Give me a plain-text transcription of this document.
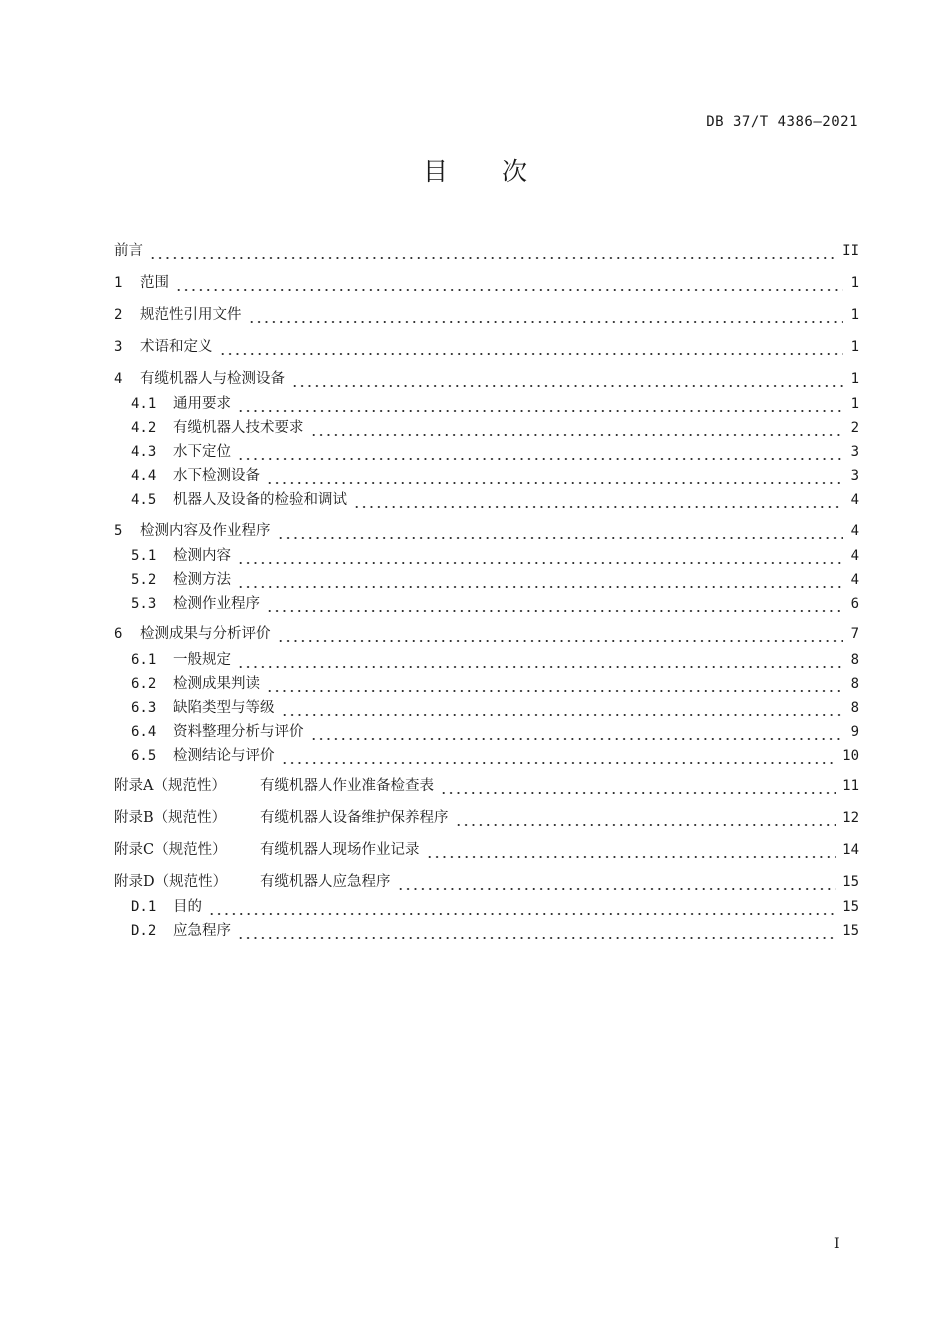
DB 37/T 4386—2021
目 次
前言	II
1	范围	1
2	规范性引用文件	1
3	术语和定义	1
4	有缆机器人与检测设备	1
4.1	通用要求	1
4.2	有缆机器人技术要求	2
4.3	水下定位	3
4.4	水下检测设备	3
4.5	机器人及设备的检验和调试	4
5	检测内容及作业程序	4
5.1	检测内容	4
5.2	检测方法	4
5.3	检测作业程序	6
6	检测成果与分析评价	7
6.1	一般规定	8
6.2	检测成果判读	8
6.3	缺陷类型与等级	8
6.4	资料整理分析与评价	9
6.5	检测结论与评价	10
附录A（规范性）	有缆机器人作业准备检查表	11
附录B（规范性）	有缆机器人设备维护保养程序	12
附录C（规范性）	有缆机器人现场作业记录	14
附录D（规范性）	有缆机器人应急程序	15
D.1	目的	15
D.2	应急程序	15
I
